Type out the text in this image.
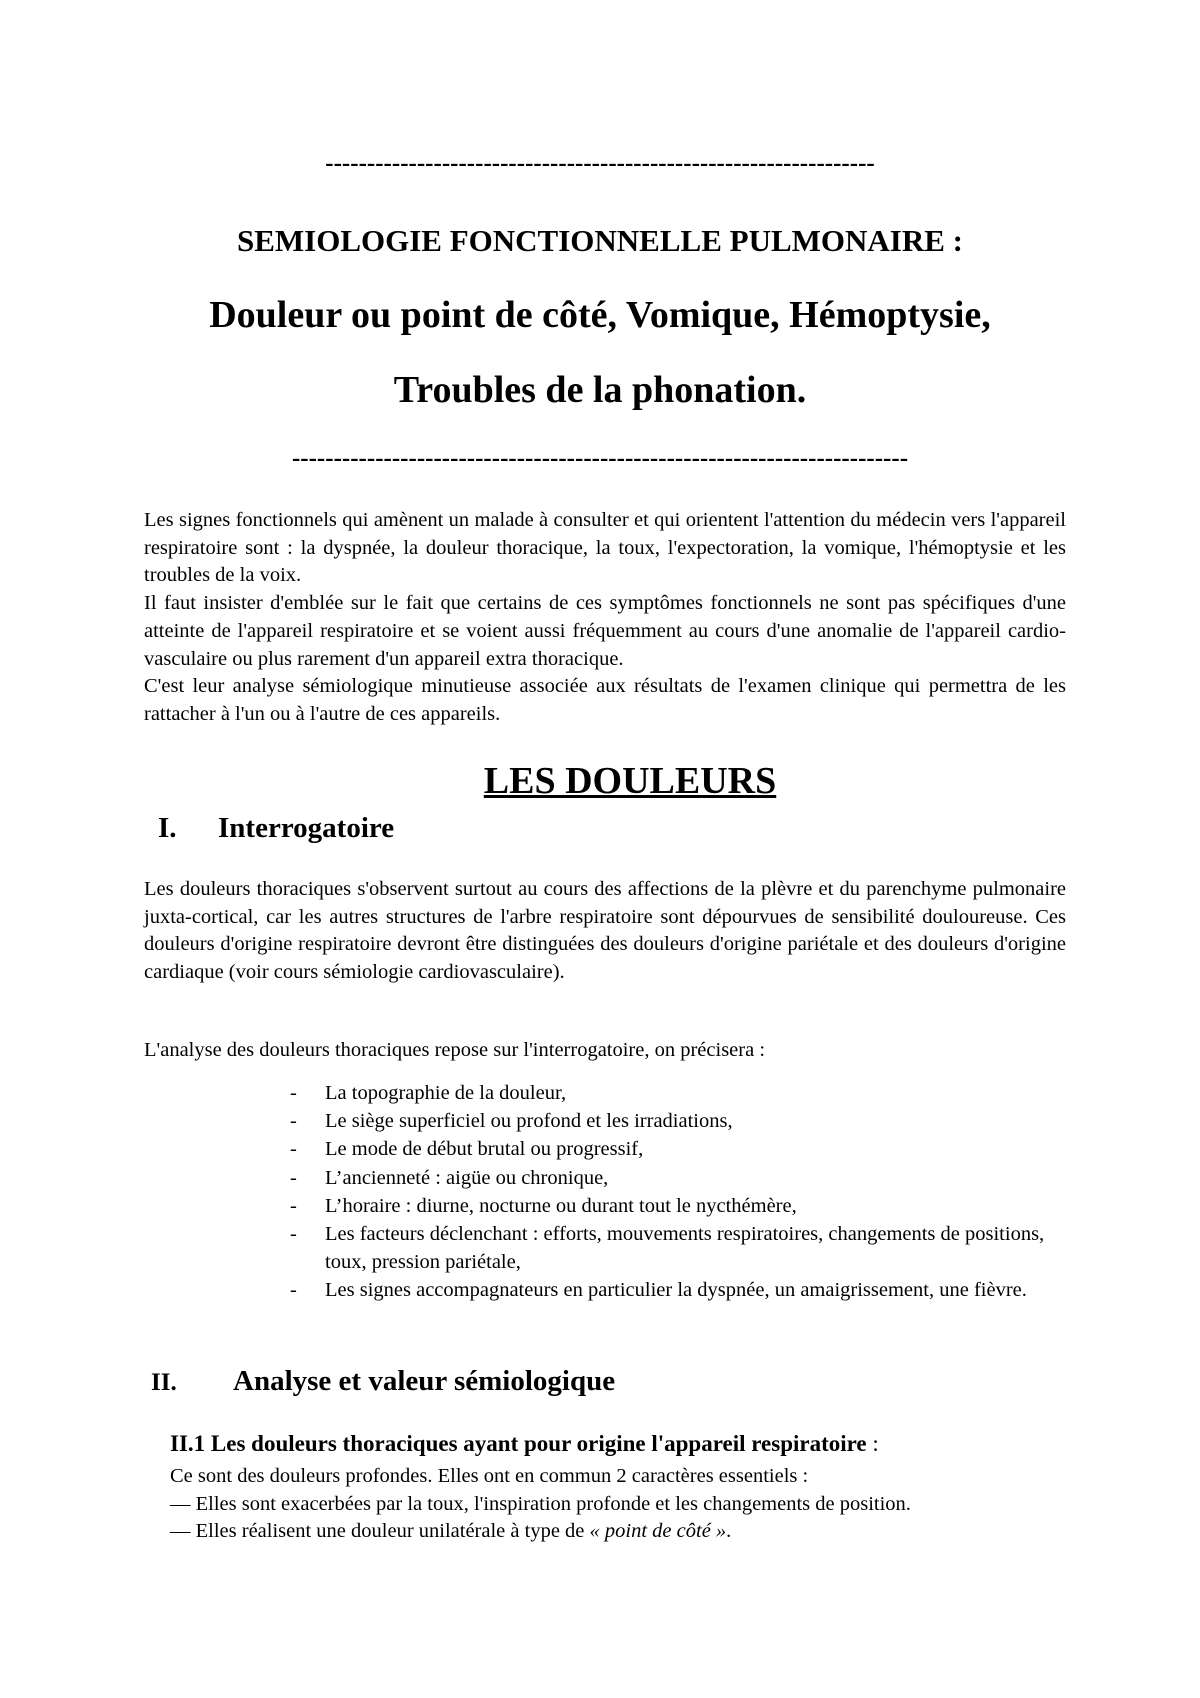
------------------------------------------------------------------
SEMIOLOGIE FONCTIONNELLE PULMONAIRE :
Douleur ou point de côté, Vomique, Hémoptysie,
Troubles de la phonation.
--------------------------------------------------------------------------

Les signes fonctionnels qui amènent un malade à consulter et qui orientent l'attention du médecin vers l'appareil respiratoire sont : la dyspnée, la douleur thoracique, la toux, l'expectoration, la vomique, l'hémoptysie et les troubles de la voix.

Il faut insister d'emblée sur le fait que certains de ces symptômes fonctionnels ne sont pas spécifiques d'une atteinte de l'appareil respiratoire et se voient aussi fréquemment au cours d'une anomalie de l'appareil cardio-vasculaire ou plus rarement d'un appareil extra thoracique.

C'est leur analyse sémiologique minutieuse associée aux résultats de l'examen clinique qui permettra de les rattacher à l'un ou à l'autre de ces appareils.

LES DOULEURS
I. Interrogatoire
Les douleurs thoraciques s'observent surtout au cours des affections de la plèvre et du parenchyme pulmonaire juxta-cortical, car les autres structures de l'arbre respiratoire sont dépourvues de sensibilité douloureuse. Ces douleurs d'origine respiratoire devront être distinguées des douleurs d'origine pariétale et des douleurs d'origine cardiaque (voir cours sémiologie cardiovasculaire).
L'analyse des douleurs thoraciques repose sur l'interrogatoire, on précisera :
- La topographie de la douleur,
- Le siège superficiel ou profond et les irradiations,
- Le mode de début brutal ou progressif,
- L’ancienneté : aigüe ou chronique,
- L’horaire : diurne, nocturne ou durant tout le nycthémère,
- Les facteurs déclenchant : efforts, mouvements respiratoires, changements de positions, toux, pression pariétale,
- Les signes accompagnateurs en particulier la dyspnée, un amaigrissement, une fièvre.
II. Analyse et valeur sémiologique
II.1 Les douleurs thoraciques ayant pour origine l'appareil respiratoire :

Ce sont des douleurs profondes. Elles ont en commun 2 caractères essentiels :

— Elles sont exacerbées par la toux, l'inspiration profonde et les changements de position.

— Elles réalisent une douleur unilatérale à type de « point de côté ».
